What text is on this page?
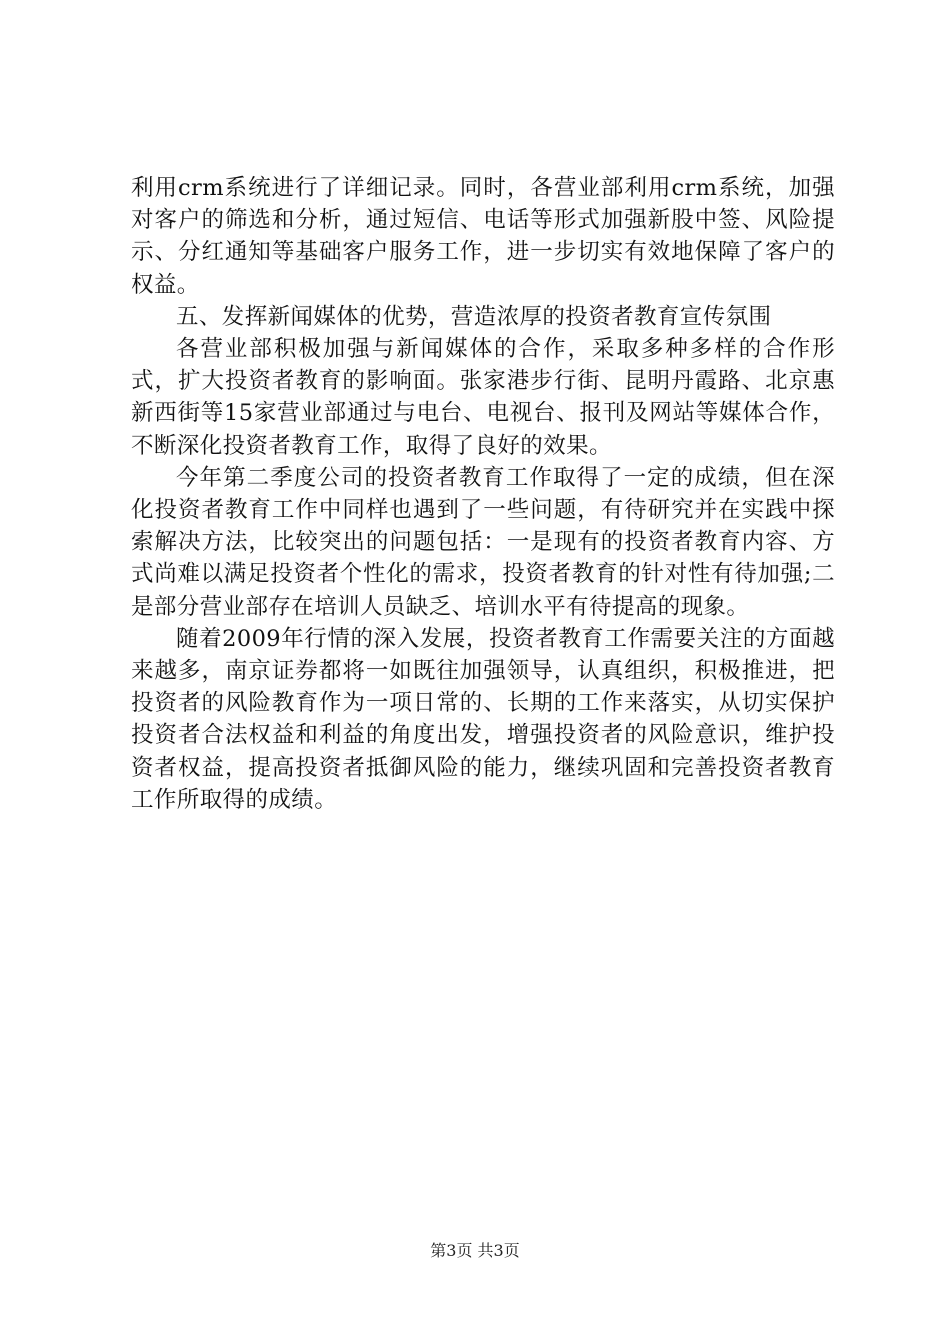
利用crm系统进行了详细记录。同时，各营业部利用crm系统，加强对客户的筛选和分析，通过短信、电话等形式加强新股中签、风险提示、分红通知等基础客户服务工作，进一步切实有效地保障了客户的权益。

五、发挥新闻媒体的优势，营造浓厚的投资者教育宣传氛围

各营业部积极加强与新闻媒体的合作，采取多种多样的合作形式，扩大投资者教育的影响面。张家港步行街、昆明丹霞路、北京惠新西街等15家营业部通过与电台、电视台、报刊及网站等媒体合作，不断深化投资者教育工作，取得了良好的效果。

今年第二季度公司的投资者教育工作取得了一定的成绩，但在深化投资者教育工作中同样也遇到了一些问题，有待研究并在实践中探索解决方法，比较突出的问题包括：一是现有的投资者教育内容、方式尚难以满足投资者个性化的需求，投资者教育的针对性有待加强;二是部分营业部存在培训人员缺乏、培训水平有待提高的现象。

随着2009年行情的深入发展，投资者教育工作需要关注的方面越来越多，南京证券都将一如既往加强领导，认真组织，积极推进，把投资者的风险教育作为一项日常的、长期的工作来落实，从切实保护投资者合法权益和利益的角度出发，增强投资者的风险意识，维护投资者权益，提高投资者抵御风险的能力，继续巩固和完善投资者教育工作所取得的成绩。

第3页 共3页
